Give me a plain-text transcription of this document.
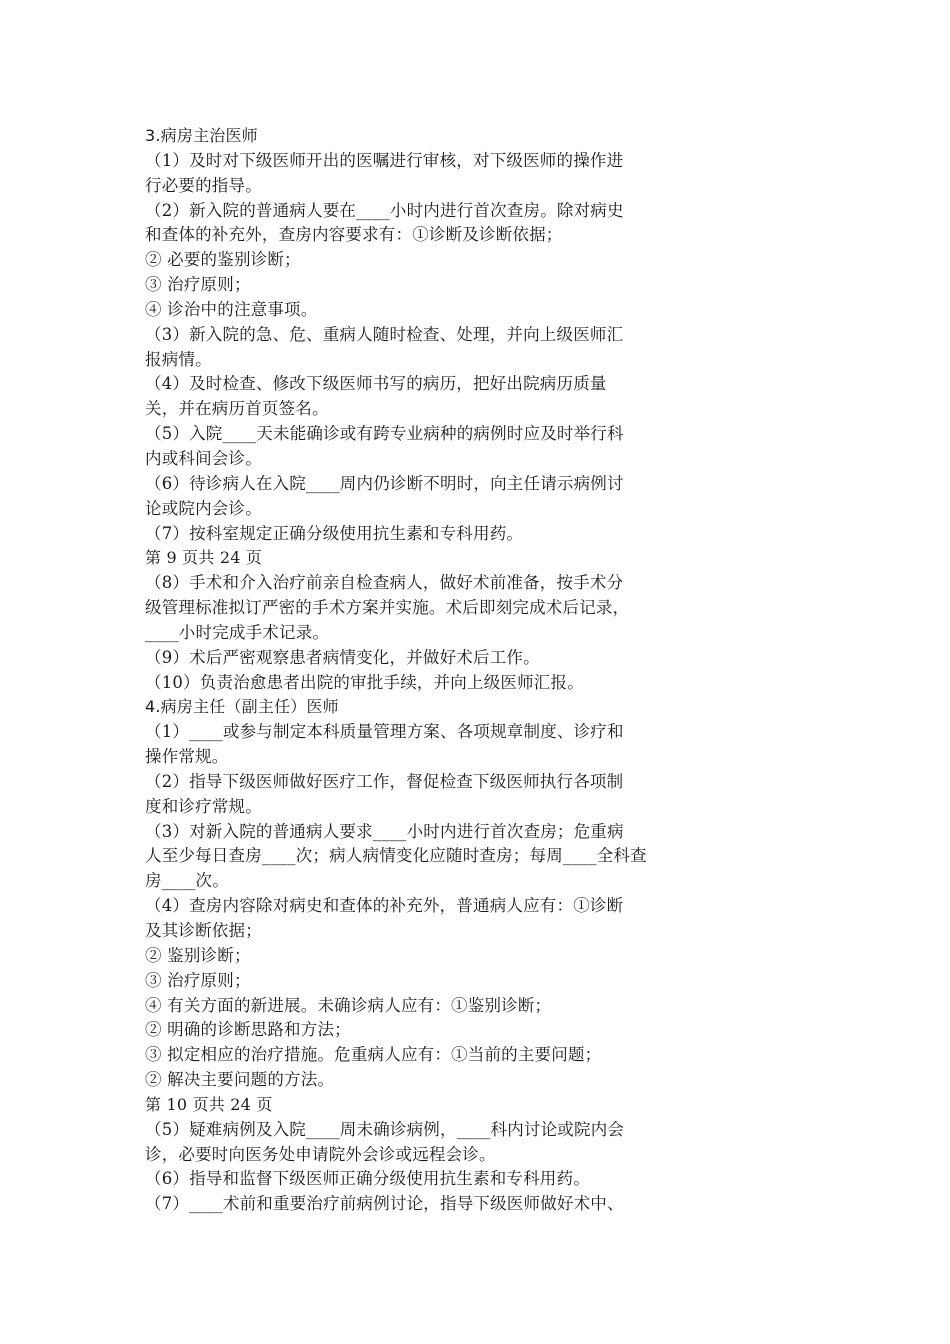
3.病房主治医师
（1）及时对下级医师开出的医嘱进行审核，对下级医师的操作进
行必要的指导。
（2）新入院的普通病人要在____小时内进行首次查房。除对病史
和查体的补充外，查房内容要求有：①诊断及诊断依据；
② 必要的鉴别诊断；
③ 治疗原则；
④ 诊治中的注意事项。
（3）新入院的急、危、重病人随时检查、处理，并向上级医师汇
报病情。
（4）及时检查、修改下级医师书写的病历，把好出院病历质量
关，并在病历首页签名。
（5）入院____天未能确诊或有跨专业病种的病例时应及时举行科
内或科间会诊。
（6）待诊病人在入院____周内仍诊断不明时，向主任请示病例讨
论或院内会诊。
（7）按科室规定正确分级使用抗生素和专科用药。
第 9 页共 24 页
（8）手术和介入治疗前亲自检查病人，做好术前准备，按手术分
级管理标准拟订严密的手术方案并实施。术后即刻完成术后记录，
____小时完成手术记录。
（9）术后严密观察患者病情变化，并做好术后工作。
（10）负责治愈患者出院的审批手续，并向上级医师汇报。
4.病房主任（副主任）医师
（1）____或参与制定本科质量管理方案、各项规章制度、诊疗和
操作常规。
（2）指导下级医师做好医疗工作，督促检查下级医师执行各项制
度和诊疗常规。
（3）对新入院的普通病人要求____小时内进行首次查房；危重病
人至少每日查房____次；病人病情变化应随时查房；每周____全科查
房____次。
（4）查房内容除对病史和查体的补充外，普通病人应有：①诊断
及其诊断依据；
② 鉴别诊断；
③ 治疗原则；
④ 有关方面的新进展。未确诊病人应有：①鉴别诊断；
② 明确的诊断思路和方法；
③ 拟定相应的治疗措施。危重病人应有：①当前的主要问题；
② 解决主要问题的方法。
第 10 页共 24 页
（5）疑难病例及入院____周未确诊病例，____科内讨论或院内会
诊，必要时向医务处申请院外会诊或远程会诊。
（6）指导和监督下级医师正确分级使用抗生素和专科用药。
（7）____术前和重要治疗前病例讨论，指导下级医师做好术中、
